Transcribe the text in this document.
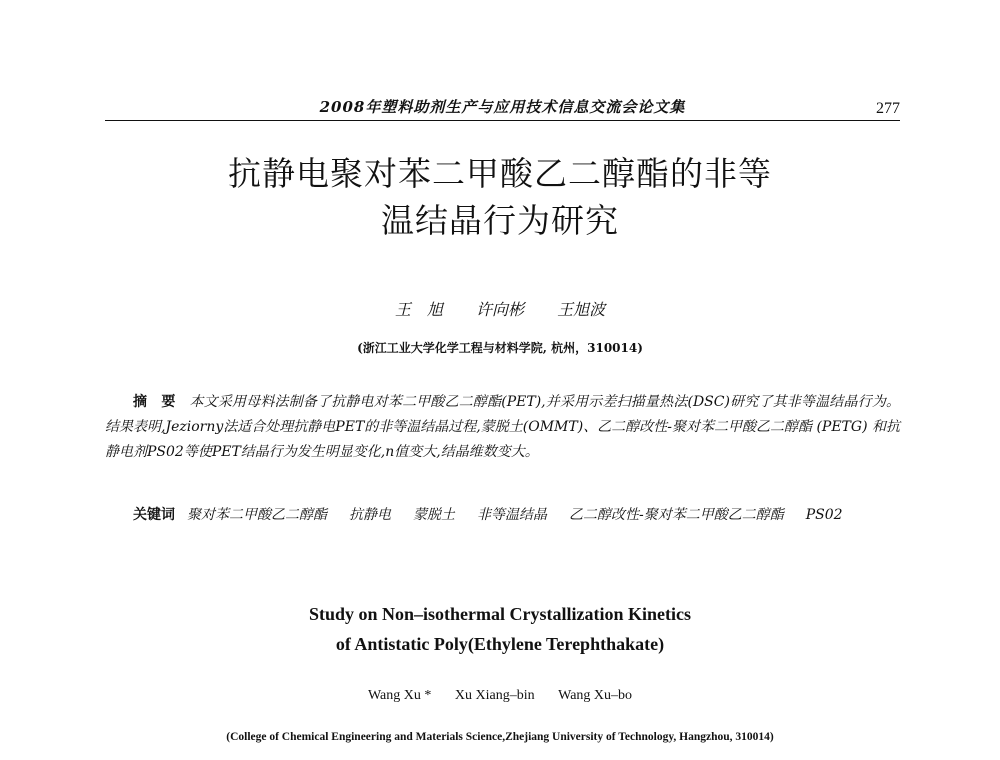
2008年塑料助剂生产与应用技术信息交流会论文集	277
抗静电聚对苯二甲酸乙二醇酯的非等
温结晶行为研究
王　旭 许向彬 王旭波
(浙江工业大学化学工程与材料学院, 杭州，310014)
摘　要 本文采用母料法制备了抗静电对苯二甲酸乙二醇酯(PET),并采用示差扫描量热法(DSC)研究了其非等温结晶行为。结果表明,Jeziorny法适合处理抗静电PET的非等温结晶过程,蒙脱土(OMMT)、乙二醇改性-聚对苯二甲酸乙二醇酯 (PETG) 和抗静电剂PS02等使PET结晶行为发生明显变化,n值变大,结晶维数变大。
关键词 聚对苯二甲酸乙二醇酯 抗静电 蒙脱土 非等温结晶 乙二醇改性-聚对苯二甲酸乙二醇酯 PS02
Study on Non–isothermal Crystallization Kinetics
of Antistatic Poly(Ethylene Terephthakate)
Wang Xu * Xu Xiang–bin Wang Xu–bo
(College of Chemical Engineering and Materials Science,Zhejiang University of Technology, Hangzhou, 310014)
